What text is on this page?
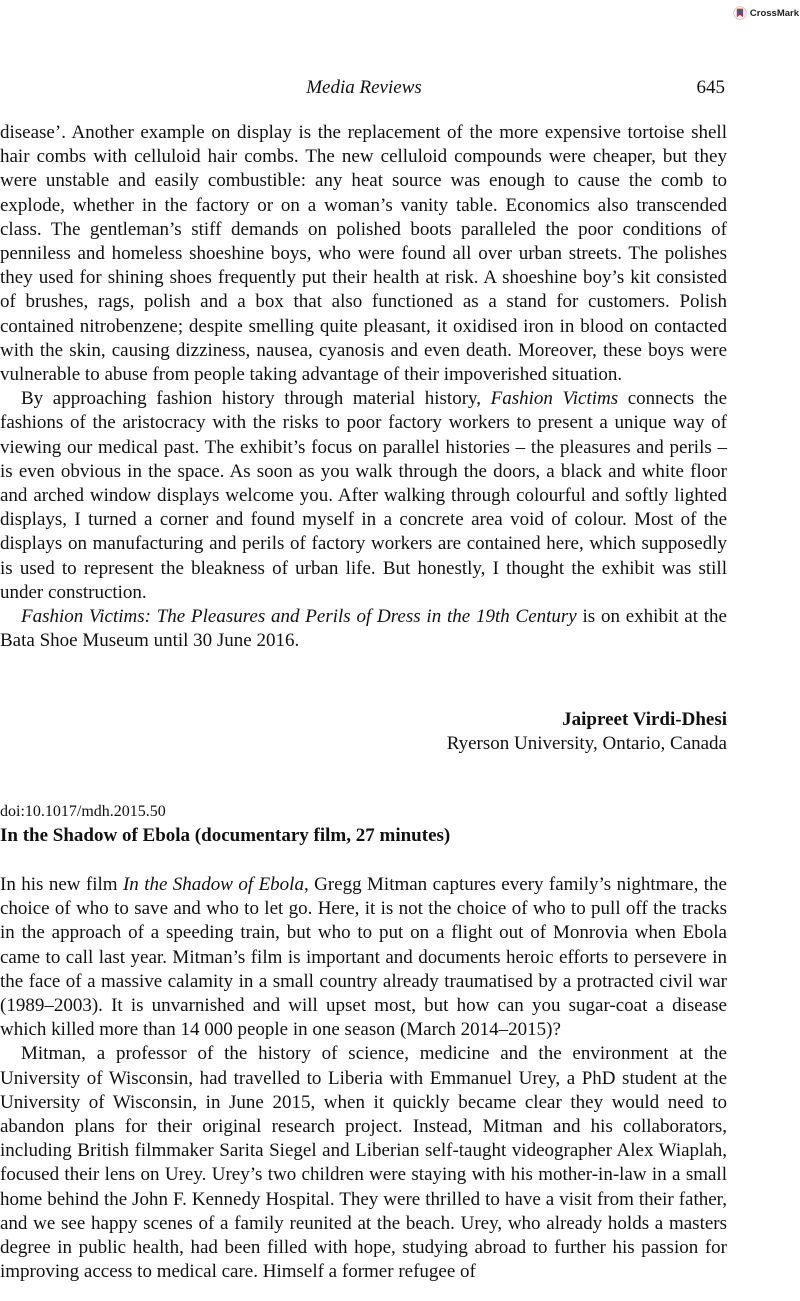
CrossMark
Media Reviews	645

disease’. Another example on display is the replacement of the more expensive tortoise shell hair combs with celluloid hair combs. The new celluloid compounds were cheaper, but they were unstable and easily combustible: any heat source was enough to cause the comb to explode, whether in the factory or on a woman’s vanity table. Economics also transcended class. The gentleman’s stiff demands on polished boots paralleled the poor conditions of penniless and homeless shoeshine boys, who were found all over urban streets. The polishes they used for shining shoes frequently put their health at risk. A shoeshine boy’s kit consisted of brushes, rags, polish and a box that also functioned as a stand for customers. Polish contained nitrobenzene; despite smelling quite pleasant, it oxidised iron in blood on contacted with the skin, causing dizziness, nausea, cyanosis and even death. Moreover, these boys were vulnerable to abuse from people taking advantage of their impoverished situation.

By approaching fashion history through material history, Fashion Victims connects the fashions of the aristocracy with the risks to poor factory workers to present a unique way of viewing our medical past. The exhibit’s focus on parallel histories – the pleasures and perils – is even obvious in the space. As soon as you walk through the doors, a black and white floor and arched window displays welcome you. After walking through colourful and softly lighted displays, I turned a corner and found myself in a concrete area void of colour. Most of the displays on manufacturing and perils of factory workers are contained here, which supposedly is used to represent the bleakness of urban life. But honestly, I thought the exhibit was still under construction.

Fashion Victims: The Pleasures and Perils of Dress in the 19th Century is on exhibit at the Bata Shoe Museum until 30 June 2016.

Jaipreet Virdi-Dhesi
Ryerson University, Ontario, Canada
doi:10.1017/mdh.2015.50
In the Shadow of Ebola (documentary film, 27 minutes)

In his new film In the Shadow of Ebola, Gregg Mitman captures every family’s nightmare, the choice of who to save and who to let go. Here, it is not the choice of who to pull off the tracks in the approach of a speeding train, but who to put on a flight out of Monrovia when Ebola came to call last year. Mitman’s film is important and documents heroic efforts to persevere in the face of a massive calamity in a small country already traumatised by a protracted civil war (1989–2003). It is unvarnished and will upset most, but how can you sugar-coat a disease which killed more than 14 000 people in one season (March 2014–2015)?

Mitman, a professor of the history of science, medicine and the environment at the University of Wisconsin, had travelled to Liberia with Emmanuel Urey, a PhD student at the University of Wisconsin, in June 2015, when it quickly became clear they would need to abandon plans for their original research project. Instead, Mitman and his collaborators, including British filmmaker Sarita Siegel and Liberian self-taught videographer Alex Wiaplah, focused their lens on Urey. Urey’s two children were staying with his mother-in-law in a small home behind the John F. Kennedy Hospital. They were thrilled to have a visit from their father, and we see happy scenes of a family reunited at the beach. Urey, who already holds a masters degree in public health, had been filled with hope, studying abroad to further his passion for improving access to medical care. Himself a former refugee of
